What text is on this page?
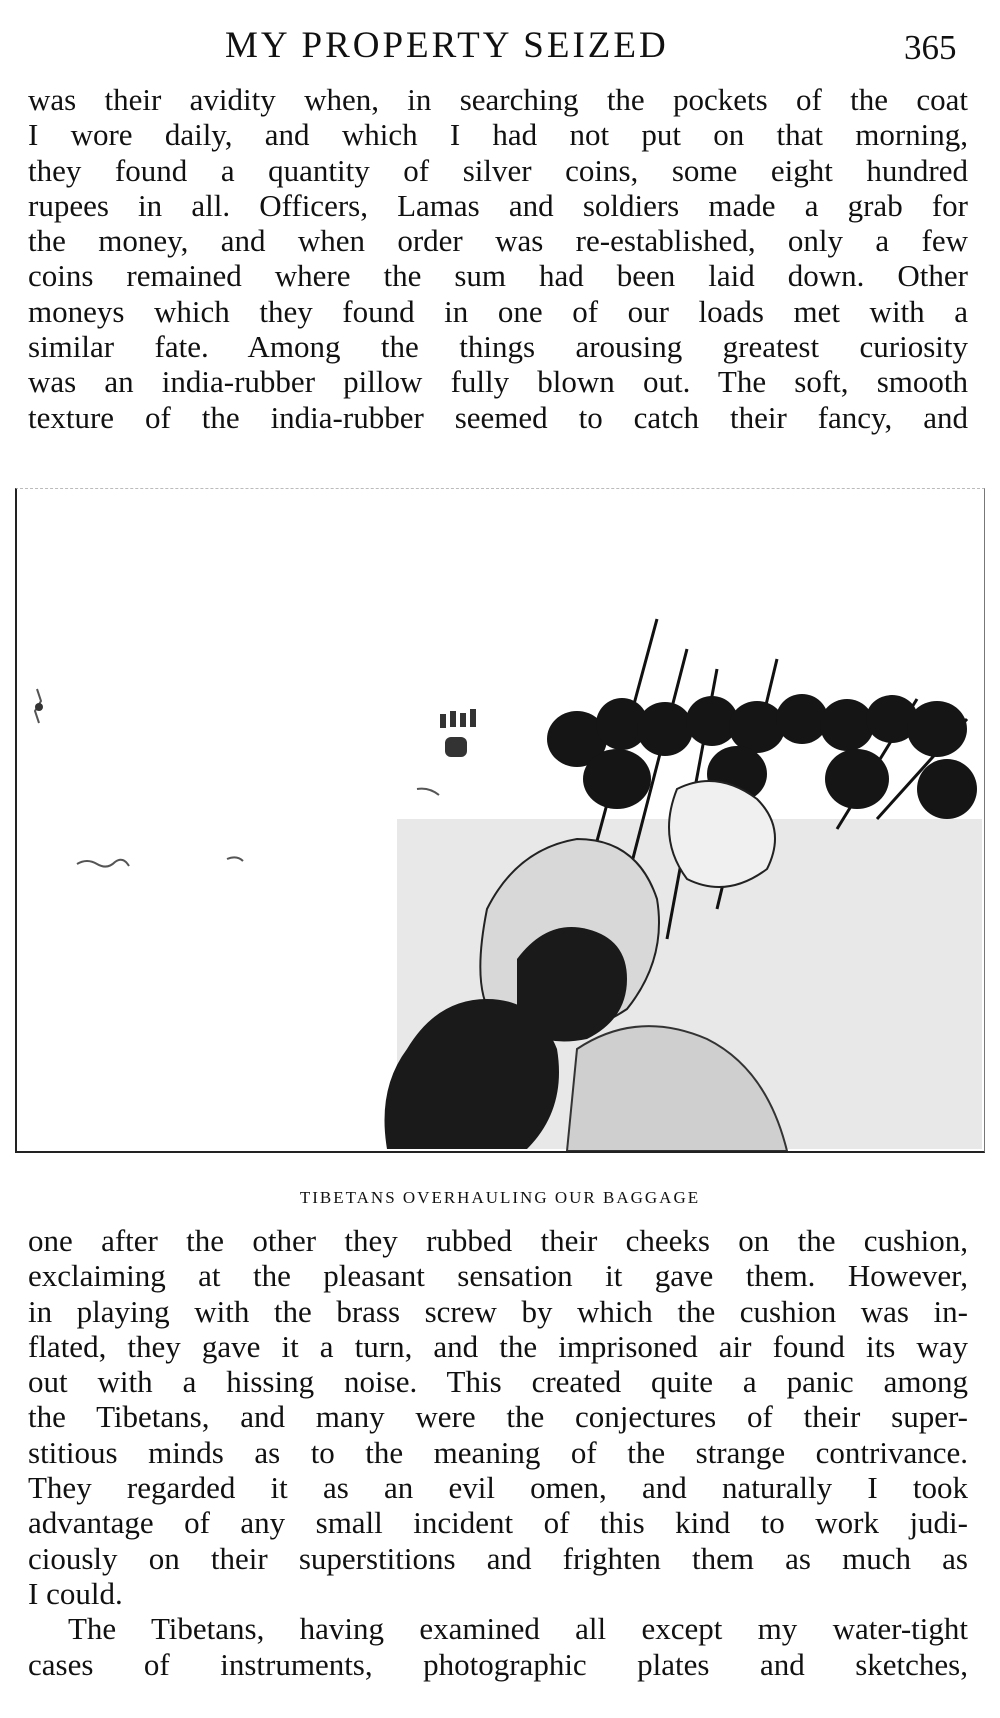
MY PROPERTY SEIZED	365
was their avidity when, in searching the pockets of the coat
I wore daily, and which I had not put on that morning,
they found a quantity of silver coins, some eight hundred
rupees in all. Officers, Lamas and soldiers made a grab for
the money, and when order was re-established, only a few
coins remained where the sum had been laid down. Other
moneys which they found in one of our loads met with a
similar fate. Among the things arousing greatest curiosity
was an india-rubber pillow fully blown out. The soft, smooth
texture of the india-rubber seemed to catch their fancy, and
TIBETANS OVERHAULING OUR BAGGAGE
one after the other they rubbed their cheeks on the cushion,
exclaiming at the pleasant sensation it gave them. However,
in playing with the brass screw by which the cushion was in-
flated, they gave it a turn, and the imprisoned air found its way
out with a hissing noise. This created quite a panic among
the Tibetans, and many were the conjectures of their super-
stitious minds as to the meaning of the strange contrivance.
They regarded it as an evil omen, and naturally I took
advantage of any small incident of this kind to work judi-
ciously on their superstitions and frighten them as much as
I could.
The Tibetans, having examined all except my water-tight
cases of instruments, photographic plates and sketches,
